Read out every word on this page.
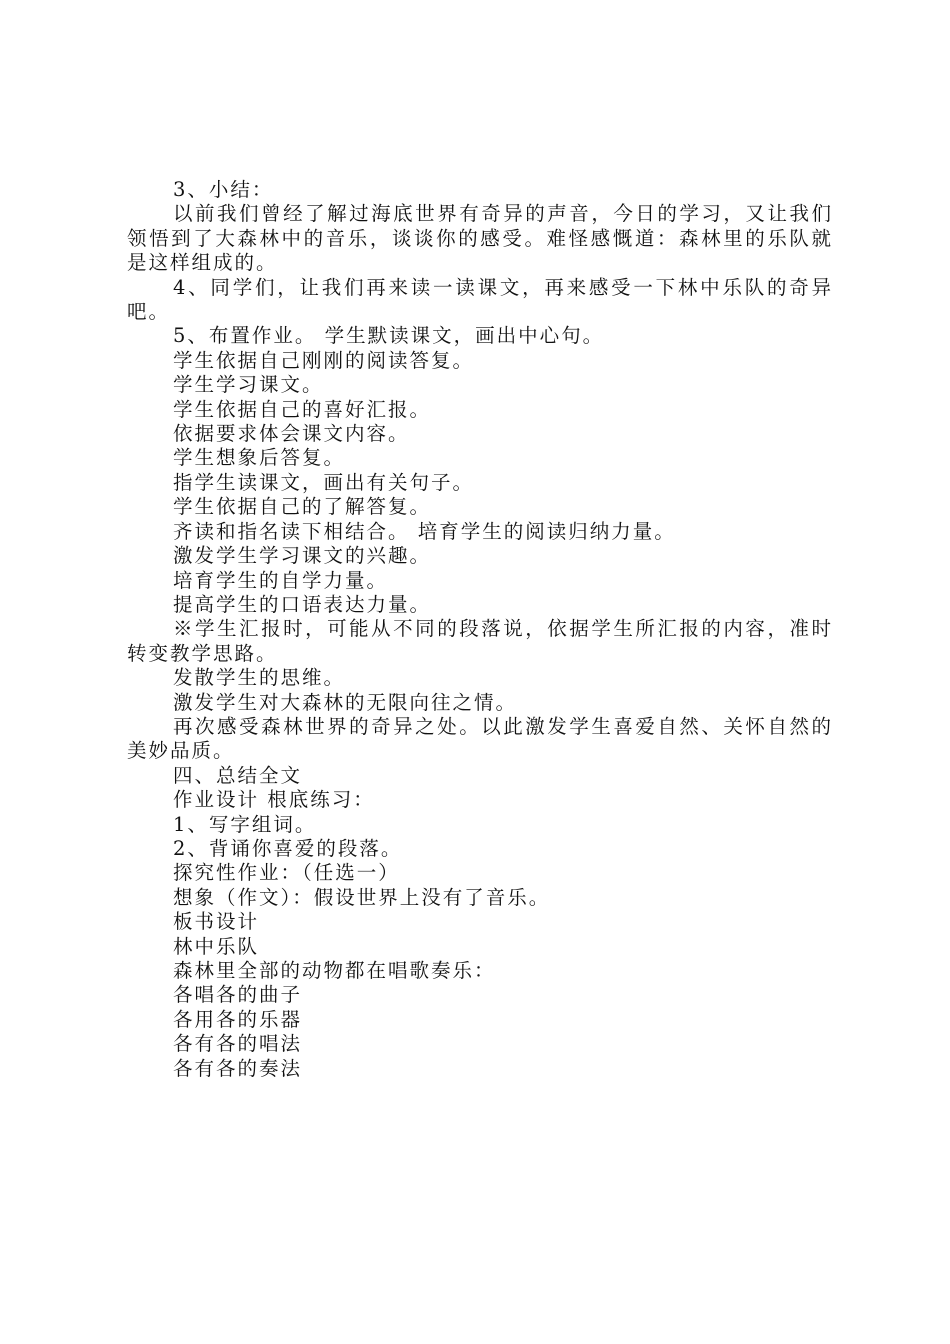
3、小结：

以前我们曾经了解过海底世界有奇异的声音，今日的学习，又让我们领悟到了大森林中的音乐，谈谈你的感受。难怪感慨道：森林里的乐队就是这样组成的。

4、同学们，让我们再来读一读课文，再来感受一下林中乐队的奇异吧。

5、布置作业。 学生默读课文，画出中心句。

学生依据自己刚刚的阅读答复。

学生学习课文。

学生依据自己的喜好汇报。

依据要求体会课文内容。

学生想象后答复。

指学生读课文，画出有关句子。

学生依据自己的了解答复。

齐读和指名读下相结合。 培育学生的阅读归纳力量。

激发学生学习课文的兴趣。

培育学生的自学力量。

提高学生的口语表达力量。

※学生汇报时，可能从不同的段落说，依据学生所汇报的内容，准时转变教学思路。

发散学生的思维。

激发学生对大森林的无限向往之情。

再次感受森林世界的奇异之处。以此激发学生喜爱自然、关怀自然的美妙品质。

四、总结全文

作业设计 根底练习：

1、写字组词。

2、背诵你喜爱的段落。

探究性作业：（任选一）

想象（作文）：假设世界上没有了音乐。

板书设计

林中乐队

森林里全部的动物都在唱歌奏乐：

各唱各的曲子

各用各的乐器

各有各的唱法

各有各的奏法
